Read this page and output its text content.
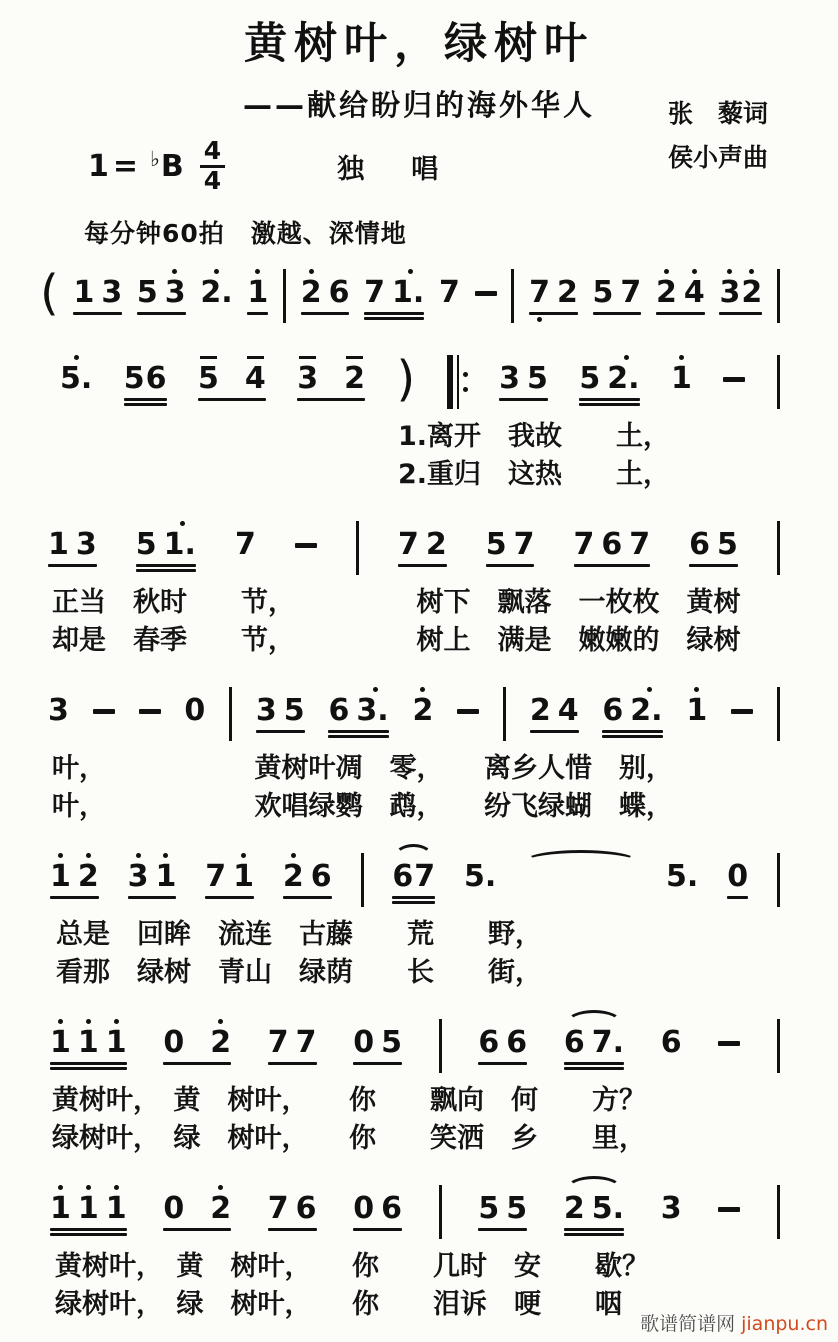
黄树叶，绿树叶
——献给盼归的海外华人	张　藜词
侯小声曲
1 = ♭ B $\frac{4}{4}$	独　唱
每分钟60拍　激越、深情地
( 1 3 5 3 2. 1 2 6 7 1. 7 7 2 5 7 2 4 3 2
5. 5 6 5 4 3 2 )	3 5 5 2. 1
1.离开　我故　　土，
2.重归　这热　　土，
1 3 5 1. 7	7 2 5 7 7 6 7 6 5
正当　秋时　　节，　　　　　树下　飘落　一枚枚　黄树
却是　春季　　节，　　　　　树上　满是　嫩嫩的　绿树
3	0 3 5 6 3. 2	2 4 6 2. 1
叶，　　　　　　黄树叶凋　零，　　离乡人惜　别，
叶，　　　　　　欢唱绿鹦　鹉，　　纷飞绿蝴　蝶，
1 2 3 1 7 1 2 6 6 7 5.	5. 0
总是　回眸　流连　古藤　　荒　　野，
看那　绿树　青山　绿荫　　长　　街，
1 1 1 0 2 7 7 0 5	6 6 6 7. 6
黄树叶，　黄　树叶，　　你　　飘向　何　　方？
绿树叶，　绿　树叶，　　你　　笑洒　乡　　里，
1 1 1 0 2 7 6 0 6	5 5 2 5. 3
黄树叶，　黄　树叶，　　你　　几时　安　　歇？
绿树叶，　绿　树叶，　　你　　泪诉　哽　　咽
歌谱简谱网 jianpu.cn
